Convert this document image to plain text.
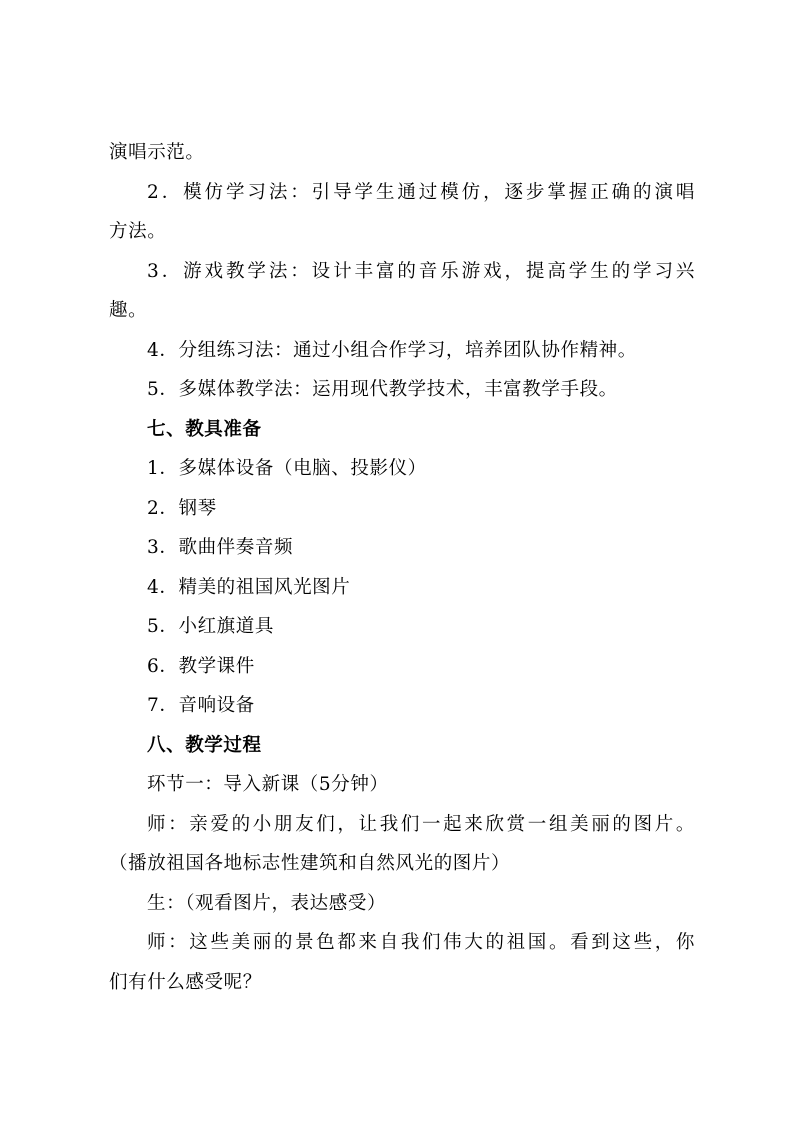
演唱示范。
2．模仿学习法：引导学生通过模仿，逐步掌握正确的演唱
方法。
3．游戏教学法：设计丰富的音乐游戏，提高学生的学习兴
趣。
4．分组练习法：通过小组合作学习，培养团队协作精神。
5．多媒体教学法：运用现代教学技术，丰富教学手段。
七、教具准备
1．多媒体设备（电脑、投影仪）
2．钢琴
3．歌曲伴奏音频
4．精美的祖国风光图片
5．小红旗道具
6．教学课件
7．音响设备
八、教学过程
环节一：导入新课（5分钟）
师：亲爱的小朋友们，让我们一起来欣赏一组美丽的图片。
（播放祖国各地标志性建筑和自然风光的图片）
生：（观看图片，表达感受）
师：这些美丽的景色都来自我们伟大的祖国。看到这些，你
们有什么感受呢？
